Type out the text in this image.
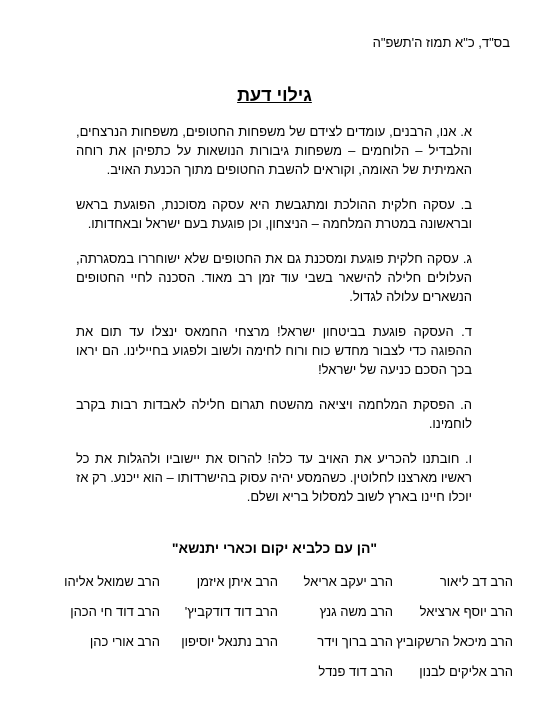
בס"ד, כ"א תמוז ה'תשפ"ה
גילוי דעת

א. אנו, הרבנים, עומדים לצידם של משפחות החטופים, משפחות הנרצחים, והלבדיל – הלוחמים – משפחות גיבורות הנושאות על כתפיהן את רוחה האמיתית של האומה, וקוראים להשבת החטופים מתוך הכנעת האויב.

ב. עסקה חלקית ההולכת ומתגבשת היא עסקה מסוכנת, הפוגעת בראש ובראשונה במטרת המלחמה – הניצחון, וכן פוגעת בעם ישראל ובאחדותו.

ג. עסקה חלקית פוגעת ומסכנת גם את החטופים שלא ישוחררו במסגרתה, העלולים חלילה להישאר בשבי עוד זמן רב מאוד. הסכנה לחיי החטופים הנשארים עלולה לגדול.

ד. העסקה פוגעת בביטחון ישראל! מרצחי החמאס ינצלו עד תום את ההפוגה כדי לצבור מחדש כוח ורוח לחימה ולשוב ולפגוע בחיילינו. הם יראו בכך הסכם כניעה של ישראל!

ה. הפסקת המלחמה ויציאה מהשטח תגרום חלילה לאבדות רבות בקרב לוחמינו.

ו. חובתנו להכריע את האויב עד כלה! להרוס את יישוביו ולהגלות את כל ראשיו מארצנו לחלוטין. כשהמסע יהיה עסוק בהישרדותו – הוא ייכנע. רק אז יוכלו חיינו בארץ לשוב למסלול בריא ושלם.

"הן עם כלביא יקום וכארי יתנשא"
הרב דב ליאור
הרב יעקב אריאל
הרב איתן איזמן
הרב שמואל אליהו
הרב יוסף ארציאל
הרב משה גנץ
הרב דוד דודקביץ'
הרב דוד חי הכהן
הרב מיכאל הרשקוביץ
הרב ברוך וידר
הרב נתנאל יוסיפון
הרב אורי כהן
הרב אליקים לבנון
הרב דוד פנדל
